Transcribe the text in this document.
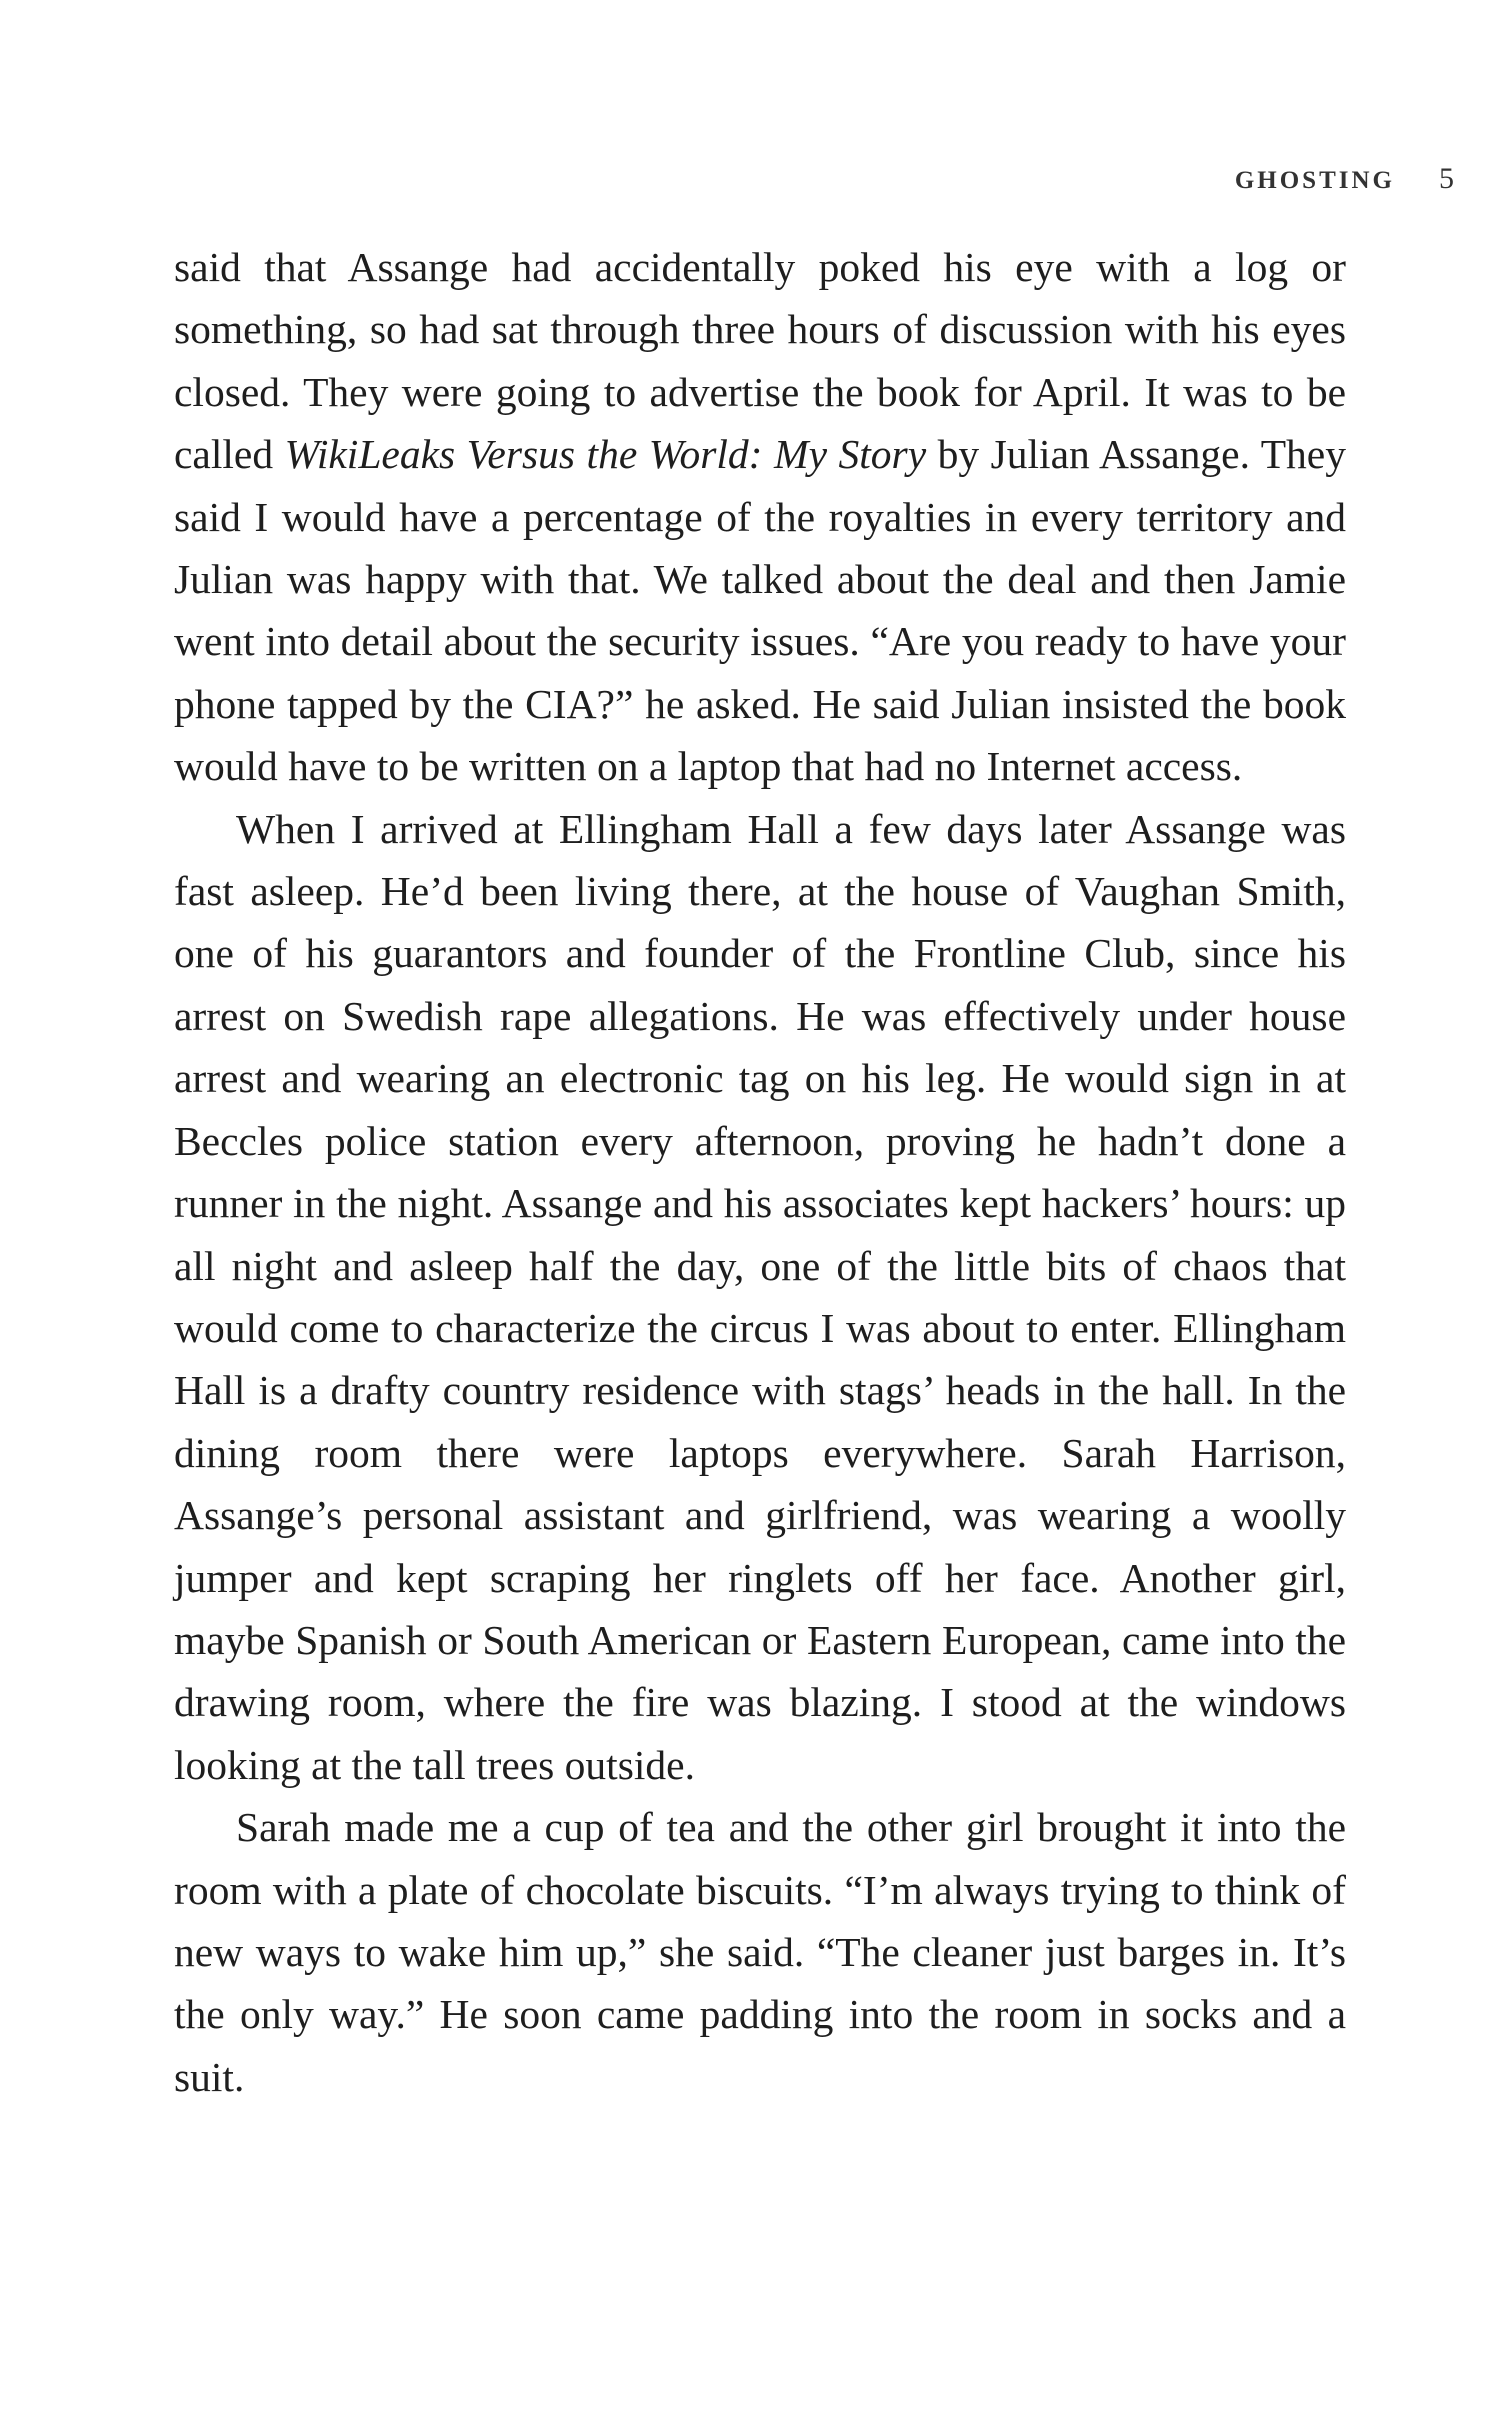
GHOSTING 5

said that Assange had accidentally poked his eye with a log or something, so had sat through three hours of discussion with his eyes closed. They were going to advertise the book for April. It was to be called WikiLeaks Versus the World: My Story by Julian Assange. They said I would have a percentage of the royalties in every territory and Julian was happy with that. We talked about the deal and then Jamie went into detail about the security issues. “Are you ready to have your phone tapped by the CIA?” he asked. He said Julian insisted the book would have to be written on a laptop that had no Internet access.

When I arrived at Ellingham Hall a few days later Assange was fast asleep. He’d been living there, at the house of Vaughan Smith, one of his guarantors and founder of the Frontline Club, since his arrest on Swedish rape allegations. He was effectively under house arrest and wearing an electronic tag on his leg. He would sign in at Beccles police station every afternoon, proving he hadn’t done a runner in the night. Assange and his associates kept hackers’ hours: up all night and asleep half the day, one of the little bits of chaos that would come to characterize the circus I was about to enter. Ellingham Hall is a drafty country residence with stags’ heads in the hall. In the dining room there were laptops everywhere. Sarah Harrison, Assange’s personal assistant and girlfriend, was wearing a woolly jumper and kept scraping her ringlets off her face. Another girl, maybe Spanish or South American or Eastern European, came into the drawing room, where the fire was blazing. I stood at the windows looking at the tall trees outside.

Sarah made me a cup of tea and the other girl brought it into the room with a plate of chocolate biscuits. “I’m always trying to think of new ways to wake him up,” she said. “The cleaner just barges in. It’s the only way.” He soon came padding into the room in socks and a suit.
